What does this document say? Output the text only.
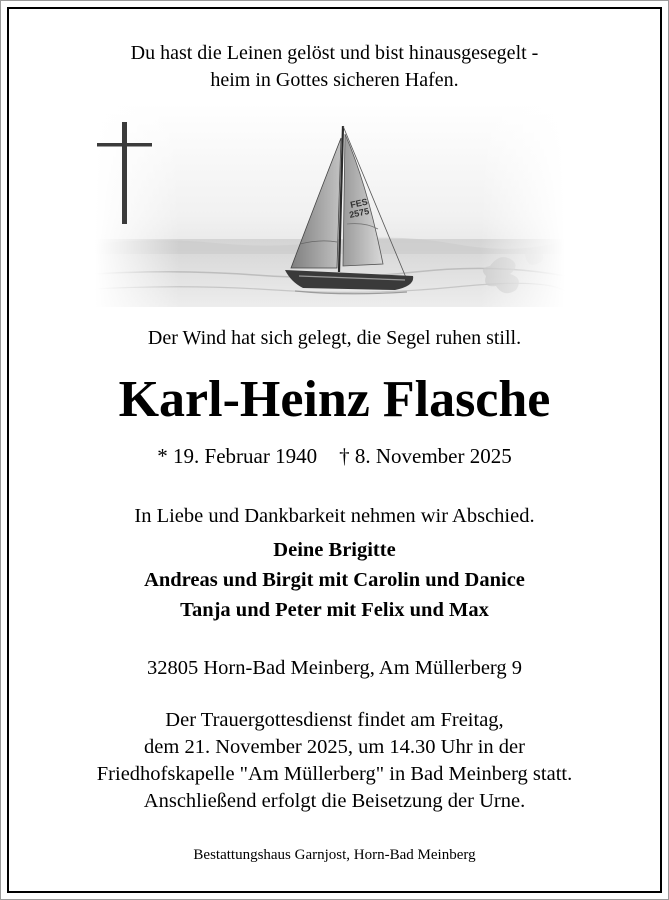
Du hast die Leinen gelöst und bist hinausgesegelt -
heim in Gottes sicheren Hafen.
Der Wind hat sich gelegt, die Segel ruhen still.
Karl-Heinz Flasche
* 19. Februar 1940 † 8. November 2025
In Liebe und Dankbarkeit nehmen wir Abschied.
Deine Brigitte
Andreas und Birgit mit Carolin und Danice
Tanja und Peter mit Felix und Max
32805 Horn-Bad Meinberg, Am Müllerberg 9
Der Trauergottesdienst findet am Freitag,
dem 21. November 2025, um 14.30 Uhr in der
Friedhofskapelle "Am Müllerberg" in Bad Meinberg statt.
Anschließend erfolgt die Beisetzung der Urne.
Bestattungshaus Garnjost, Horn-Bad Meinberg
